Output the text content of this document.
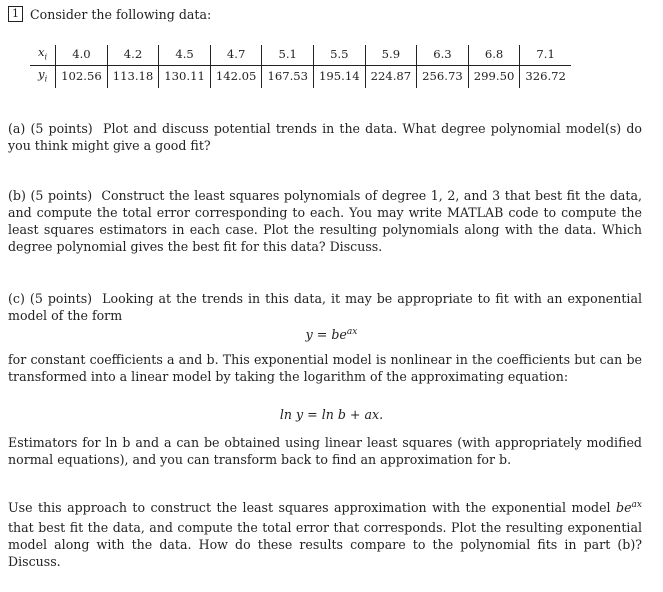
1 Consider the following data:
$x_i$	4.0	4.2	4.5	4.7	5.1	5.5	5.9	6.3	6.8	7.1
$y_i$	102.56	113.18	130.11	142.05	167.53	195.14	224.87	256.73	299.50	326.72
(a) (5 points) Plot and discuss potential trends in the data. What degree polynomial model(s) do you think might give a good fit?
(b) (5 points) Construct the least squares polynomials of degree 1, 2, and 3 that best fit the data, and compute the total error corresponding to each. You may write MATLAB code to compute the least squares estimators in each case. Plot the resulting polynomials along with the data. Which degree polynomial gives the best fit for this data? Discuss.
(c) (5 points) Looking at the trends in this data, it may be appropriate to fit with an exponential model of the form
$y = be^{ax}$
for constant coefficients a and b. This exponential model is nonlinear in the coefficients but can be transformed into a linear model by taking the logarithm of the approximating equation:
ln y = ln b + ax.
Estimators for ln b and a can be obtained using linear least squares (with appropriately modified normal equations), and you can transform back to find an approximation for b.
Use this approach to construct the least squares approximation with the exponential model $be^{ax}$ that best fit the data, and compute the total error that corresponds. Plot the resulting exponential model along with the data. How do these results compare to the polynomial fits in part (b)? Discuss.
